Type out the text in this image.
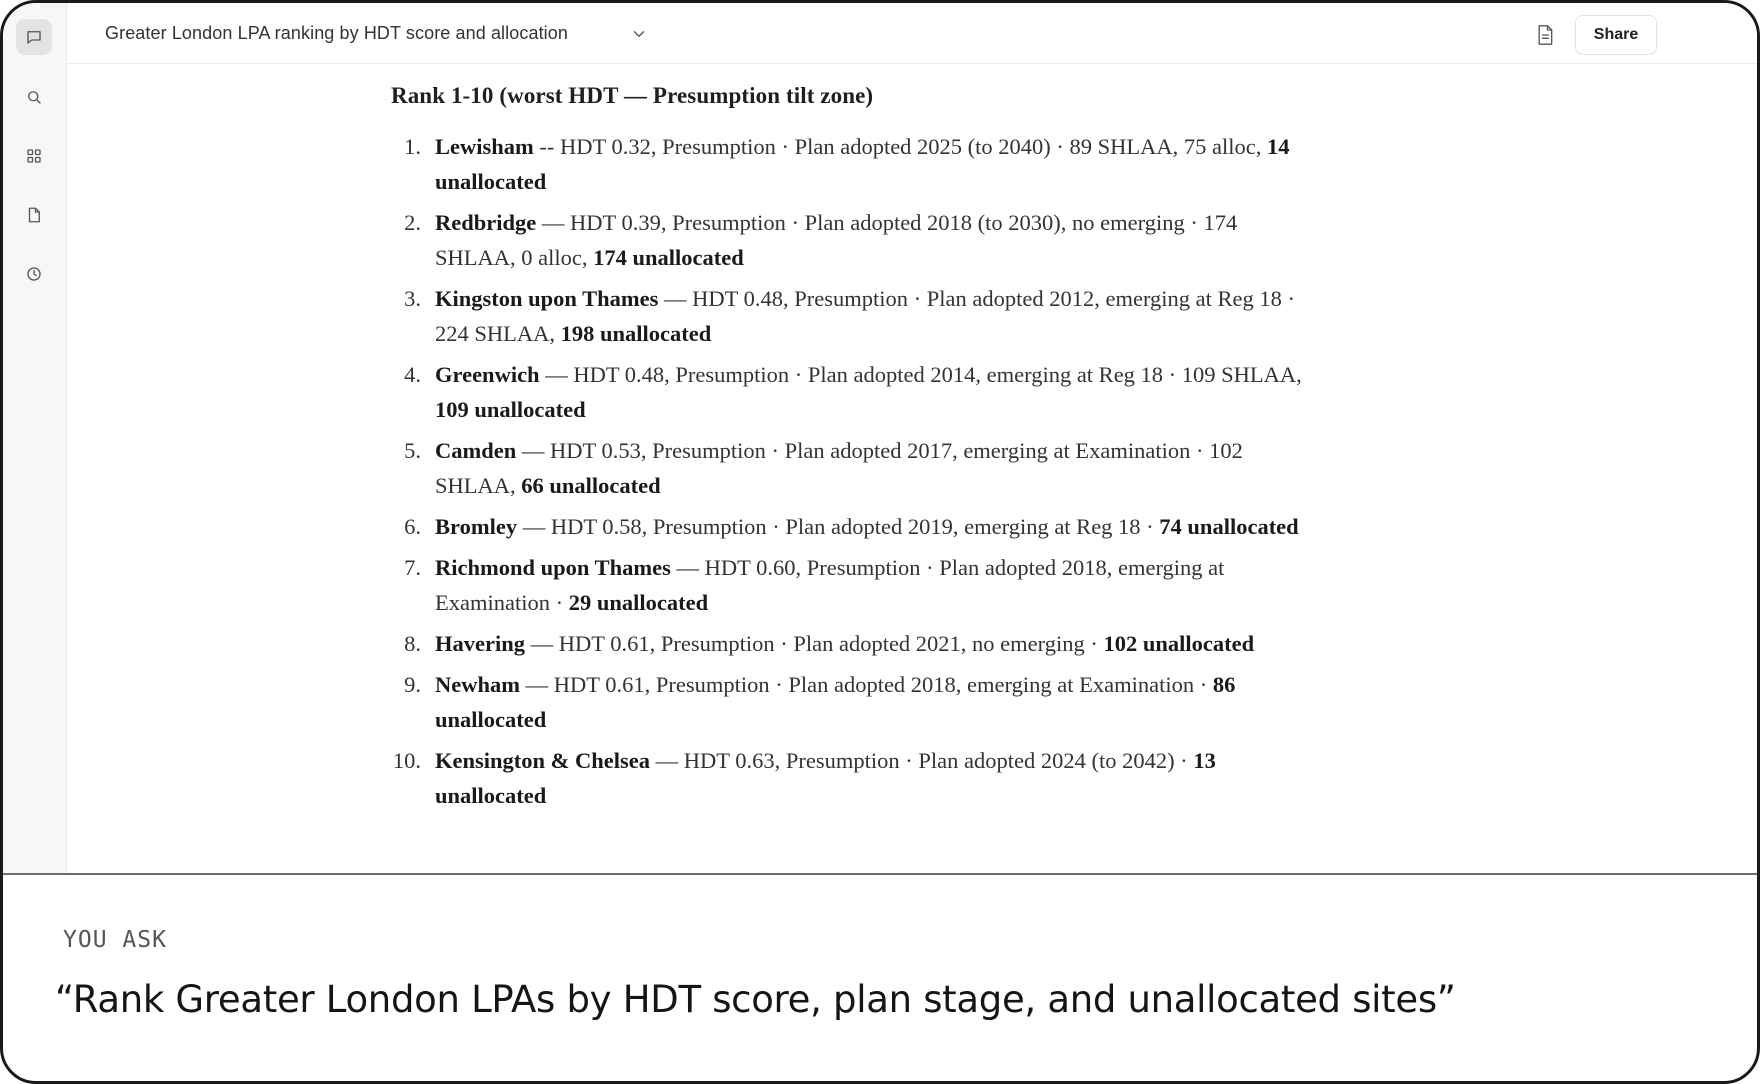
Greater London LPA ranking by HDT score and allocation	Share
Rank 1-10 (worst HDT — Presumption tilt zone)
1. Lewisham -- HDT 0.32, Presumption · Plan adopted 2025 (to 2040) · 89 SHLAA, 75 alloc, 14 unallocated
2. Redbridge — HDT 0.39, Presumption · Plan adopted 2018 (to 2030), no emerging · 174 SHLAA, 0 alloc, 174 unallocated
3. Kingston upon Thames — HDT 0.48, Presumption · Plan adopted 2012, emerging at Reg 18 · 224 SHLAA, 198 unallocated
4. Greenwich — HDT 0.48, Presumption · Plan adopted 2014, emerging at Reg 18 · 109 SHLAA, 109 unallocated
5. Camden — HDT 0.53, Presumption · Plan adopted 2017, emerging at Examination · 102 SHLAA, 66 unallocated
6. Bromley — HDT 0.58, Presumption · Plan adopted 2019, emerging at Reg 18 · 74 unallocated
7. Richmond upon Thames — HDT 0.60, Presumption · Plan adopted 2018, emerging at Examination · 29 unallocated
8. Havering — HDT 0.61, Presumption · Plan adopted 2021, no emerging · 102 unallocated
9. Newham — HDT 0.61, Presumption · Plan adopted 2018, emerging at Examination · 86 unallocated
10. Kensington & Chelsea — HDT 0.63, Presumption · Plan adopted 2024 (to 2042) · 13 unallocated
YOU ASK
“Rank Greater London LPAs by HDT score, plan stage, and unallocated sites”
